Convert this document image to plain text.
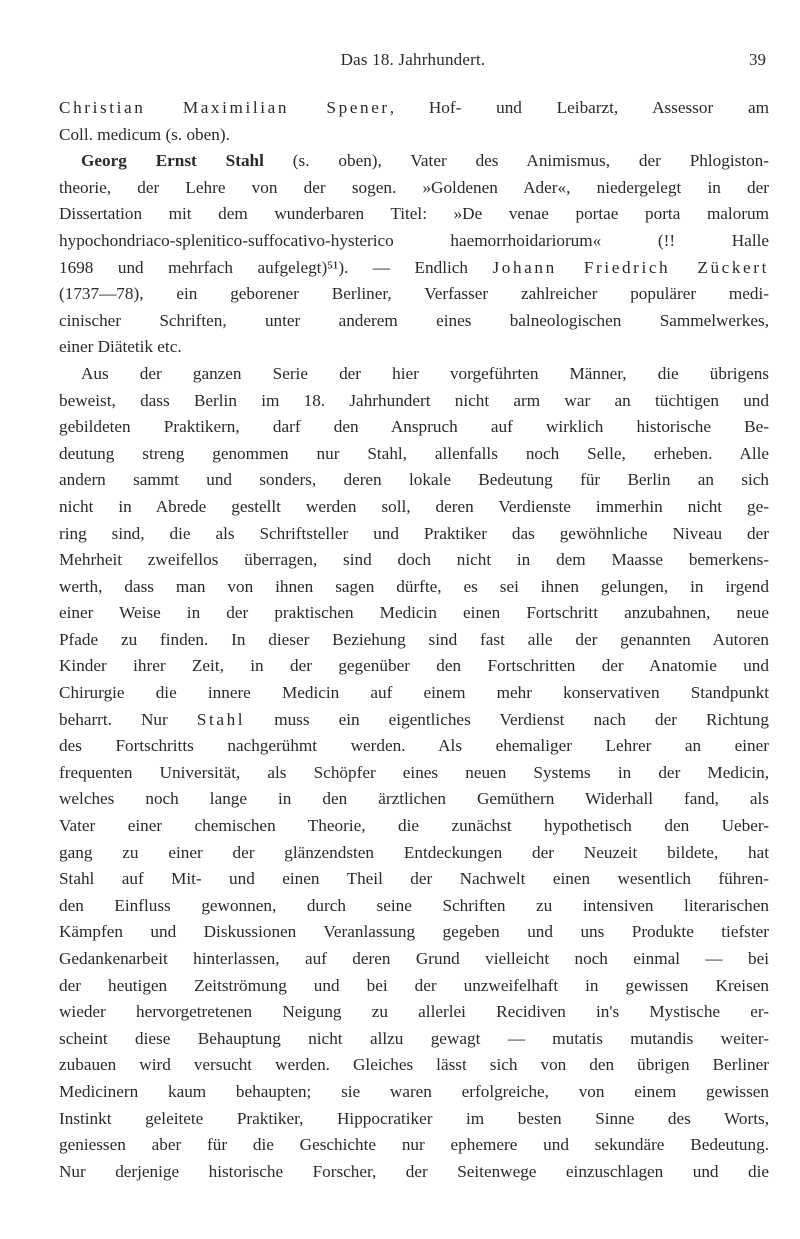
Das 18. Jahrhundert.	39
Christian Maximilian Spener, Hof- und Leibarzt, Assessor am
Coll. medicum (s. oben).
Georg Ernst Stahl (s. oben), Vater des Animismus, der Phlogiston-
theorie, der Lehre von der sogen. »Goldenen Ader«, niedergelegt in der
Dissertation mit dem wunderbaren Titel: »De venae portae porta malorum
hypochondriaco-splenitico-suffocativo-hysterico haemorrhoidariorum« (!! Halle
1698 und mehrfach aufgelegt)⁵¹). — Endlich Johann Friedrich Zückert
(1737—78), ein geborener Berliner, Verfasser zahlreicher populärer medi-
cinischer Schriften, unter anderem eines balneologischen Sammelwerkes,
einer Diätetik etc.
Aus der ganzen Serie der hier vorgeführten Männer, die übrigens
beweist, dass Berlin im 18. Jahrhundert nicht arm war an tüchtigen und
gebildeten Praktikern, darf den Anspruch auf wirklich historische Be-
deutung streng genommen nur Stahl, allenfalls noch Selle, erheben. Alle
andern sammt und sonders, deren lokale Bedeutung für Berlin an sich
nicht in Abrede gestellt werden soll, deren Verdienste immerhin nicht ge-
ring sind, die als Schriftsteller und Praktiker das gewöhnliche Niveau der
Mehrheit zweifellos überragen, sind doch nicht in dem Maasse bemerkens-
werth, dass man von ihnen sagen dürfte, es sei ihnen gelungen, in irgend
einer Weise in der praktischen Medicin einen Fortschritt anzubahnen, neue
Pfade zu finden. In dieser Beziehung sind fast alle der genannten Autoren
Kinder ihrer Zeit, in der gegenüber den Fortschritten der Anatomie und
Chirurgie die innere Medicin auf einem mehr konservativen Standpunkt
beharrt. Nur Stahl muss ein eigentliches Verdienst nach der Richtung
des Fortschritts nachgerühmt werden. Als ehemaliger Lehrer an einer
frequenten Universität, als Schöpfer eines neuen Systems in der Medicin,
welches noch lange in den ärztlichen Gemüthern Widerhall fand, als
Vater einer chemischen Theorie, die zunächst hypothetisch den Ueber-
gang zu einer der glänzendsten Entdeckungen der Neuzeit bildete, hat
Stahl auf Mit- und einen Theil der Nachwelt einen wesentlich führen-
den Einfluss gewonnen, durch seine Schriften zu intensiven literarischen
Kämpfen und Diskussionen Veranlassung gegeben und uns Produkte tiefster
Gedankenarbeit hinterlassen, auf deren Grund vielleicht noch einmal — bei
der heutigen Zeitströmung und bei der unzweifelhaft in gewissen Kreisen
wieder hervorgetretenen Neigung zu allerlei Recidiven in's Mystische er-
scheint diese Behauptung nicht allzu gewagt — mutatis mutandis weiter-
zubauen wird versucht werden. Gleiches lässt sich von den übrigen Berliner
Medicinern kaum behaupten; sie waren erfolgreiche, von einem gewissen
Instinkt geleitete Praktiker, Hippocratiker im besten Sinne des Worts,
geniessen aber für die Geschichte nur ephemere und sekundäre Bedeutung.
Nur derjenige historische Forscher, der Seitenwege einzuschlagen und die
